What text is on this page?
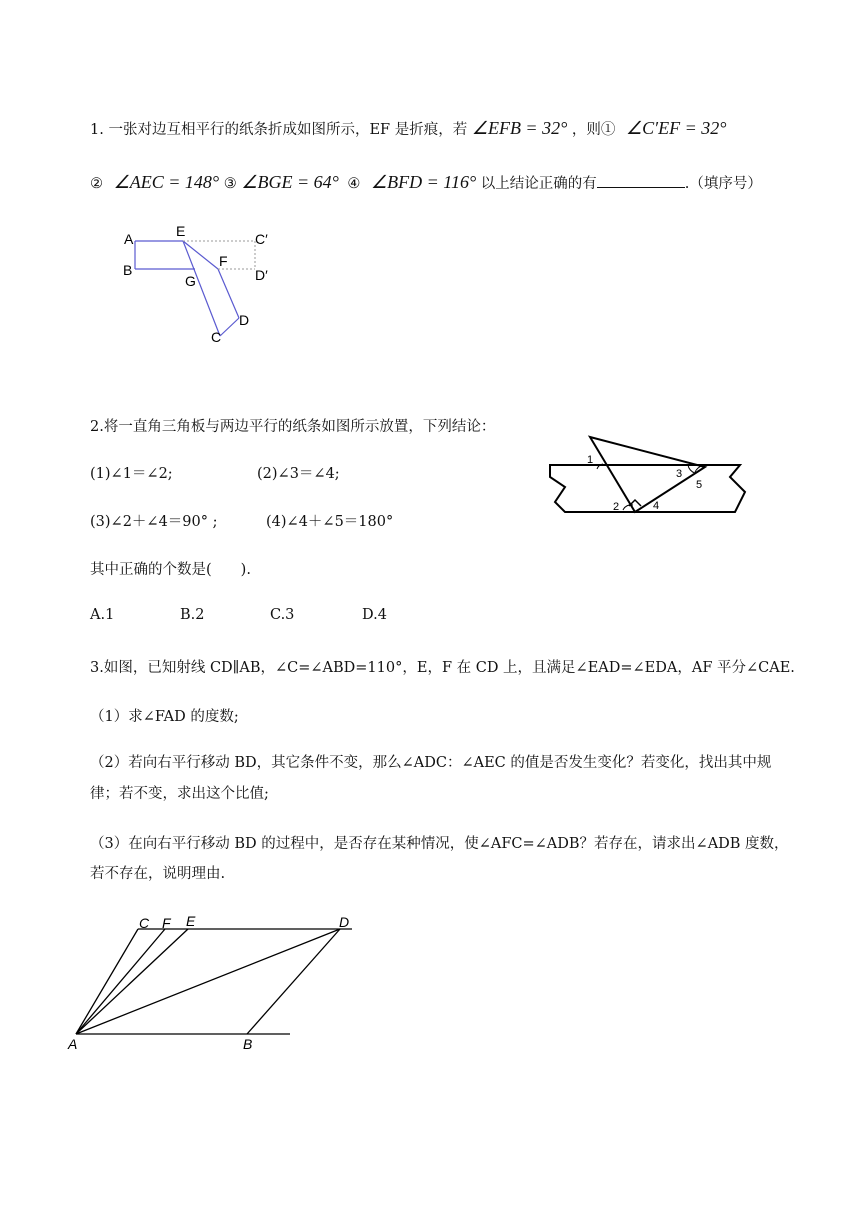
1. 一张对边互相平行的纸条折成如图所示，EF 是折痕，若 ∠EFB = 32° ，则① ∠C′EF = 32°
② ∠AEC = 148° ③ ∠BGE = 64° ④ ∠BFD = 116° 以上结论正确的有	.（填序号）
A
B
E
F
G
C
D
C′
D′
2.将一直角三角板与两边平行的纸条如图所示放置，下列结论：
(1)∠1＝∠2;	(2)∠3＝∠4;
(3)∠2＋∠4＝90° ;	(4)∠4＋∠5＝180°
其中正确的个数是(　　).
A.1	B.2	C.3	D.4
1
2
3
4
5
3.如图，已知射线 CD∥AB，∠C=∠ABD=110°，E，F 在 CD 上，且满足∠EAD=∠EDA，AF 平分∠CAE.
（1）求∠FAD 的度数;
（2）若向右平行移动 BD，其它条件不变，那么∠ADC：∠AEC 的值是否发生变化？若变化，找出其中规
律；若不变，求出这个比值;
（3）在向右平行移动 BD 的过程中，是否存在某种情况，使∠AFC=∠ADB？若存在，请求出∠ADB 度数，
若不存在，说明理由.
C F E	D
A	B
